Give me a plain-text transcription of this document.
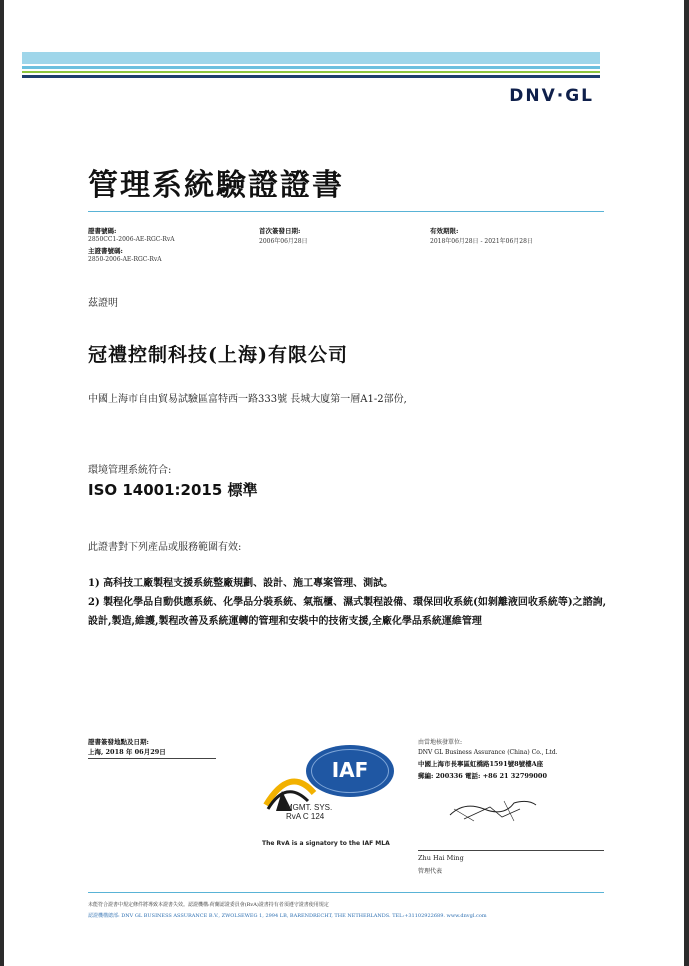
DNV·GL
管理系統驗證證書
證書號碼:
2850CC1-2006-AE-RGC-RvA
主證書號碼:
2850-2006-AE-RGC-RvA
首次簽發日期:
2006年06月28日
有效期限:
2018年06月28日 - 2021年06月28日
茲證明
冠禮控制科技(上海)有限公司
中國上海市自由貿易試驗區富特西一路333號 長城大廈第一層A1-2部份,
環境管理系統符合:
ISO 14001:2015 標準
此證書對下列產品或服務範圍有效:
1) 高科技工廠製程支援系統整廠規劃、設計、施工專案管理、測試。
2) 製程化學品自動供應系統、化學品分裝系統、氣瓶櫃、濕式製程設備、環保回收系統(如剝離液回收系統等)之諮詢,設計,製造,維護,製程改善及系統運轉的管理和安裝中的技術支援,全廠化學品系統運維管理
證書簽發地點及日期:
上海, 2018 年 06月29日
IAF
MGMT. SYS.
RvA C 124
The RvA is a signatory to the IAF MLA
由當地核發單位:
DNV GL Business Assurance (China) Co., Ltd.
中國上海市長寧區虹橋路1591號8號樓A座
郵編: 200336 電話: +86 21 32799000
Zhu Hai Ming
管理代表
未能符合證書中規定條件將導致本證書失效。認證機構:荷蘭認證委員會(RvA)證書持有者須遵守證書使用規定
認證機構總部: DNV GL BUSINESS ASSURANCE B.V., ZWOLSEWEG 1, 2994 LB, BARENDRECHT, THE NETHERLANDS. TEL:+31102922689. www.dnvgl.com
